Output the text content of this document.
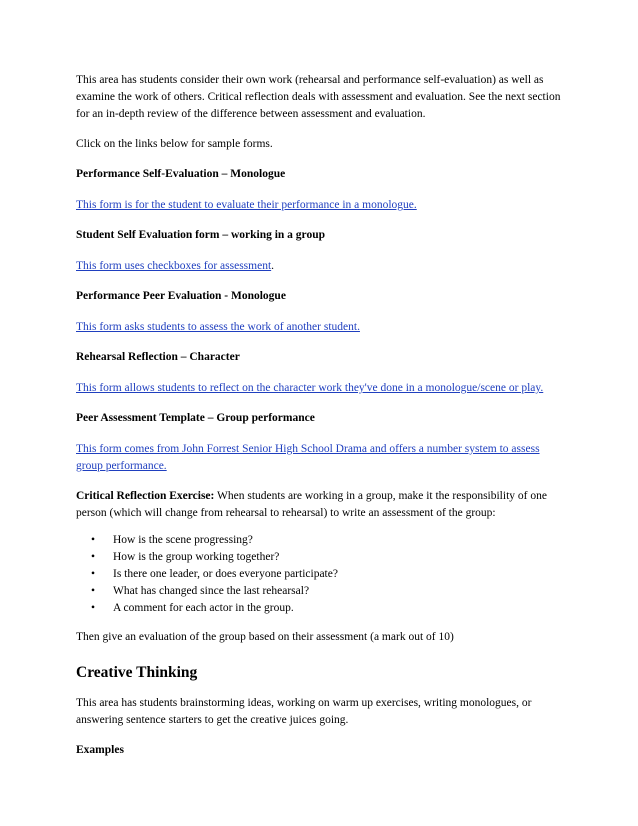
This area has students consider their own work (rehearsal and performance self-evaluation) as well as examine the work of others. Critical reflection deals with assessment and evaluation. See the next section for an in-depth review of the difference between assessment and evaluation.

Click on the links below for sample forms.

Performance Self-Evaluation – Monologue
This form is for the student to evaluate their performance in a monologue.
Student Self Evaluation form – working in a group
This form uses checkboxes for assessment.
Performance Peer Evaluation - Monologue
This form asks students to assess the work of another student.
Rehearsal Reflection – Character
This form allows students to reflect on the character work they've done in a monologue/scene or play.
Peer Assessment Template – Group performance
This form comes from John Forrest Senior High School Drama and offers a number system to assess group performance.

Critical Reflection Exercise: When students are working in a group, make it the responsibility of one person (which will change from rehearsal to rehearsal) to write an assessment of the group:

• How is the scene progressing?
• How is the group working together?
• Is there one leader, or does everyone participate?
• What has changed since the last rehearsal?
• A comment for each actor in the group.

Then give an evaluation of the group based on their assessment (a mark out of 10)

Creative Thinking

This area has students brainstorming ideas, working on warm up exercises, writing monologues, or answering sentence starters to get the creative juices going.

Examples
